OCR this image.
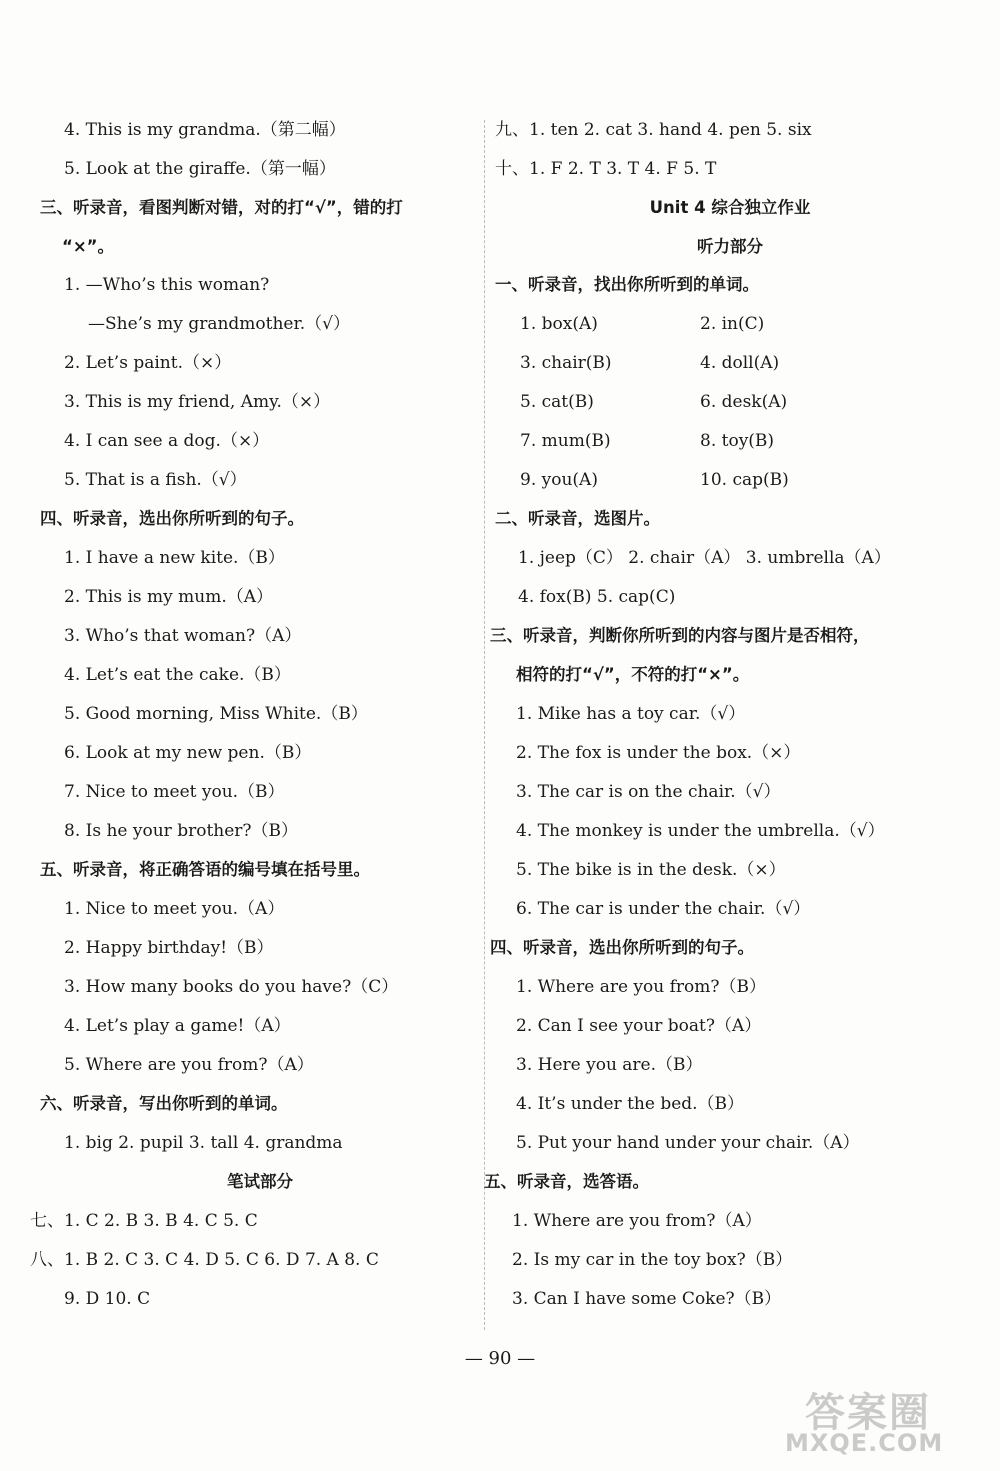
4. This is my grandma.（第二幅）
5. Look at the giraffe.（第一幅）
三、听录音，看图判断对错，对的打“√”，错的打
“×”。
1. —Who’s this woman?
—She’s my grandmother.（√）
2. Let’s paint.（×）
3. This is my friend, Amy.（×）
4. I can see a dog.（×）
5. That is a fish.（√）
四、听录音，选出你所听到的句子。
1. I have a new kite.（B）
2. This is my mum.（A）
3. Who’s that woman?（A）
4. Let’s eat the cake.（B）
5. Good morning, Miss White.（B）
6. Look at my new pen.（B）
7. Nice to meet you.（B）
8. Is he your brother?（B）
五、听录音，将正确答语的编号填在括号里。
1. Nice to meet you.（A）
2. Happy birthday!（B）
3. How many books do you have?（C）
4. Let’s play a game!（A）
5. Where are you from?（A）
六、听录音，写出你听到的单词。
1. big 2. pupil 3. tall 4. grandma
笔试部分
七、1. C 2. B 3. B 4. C 5. C
八、1. B 2. C 3. C 4. D 5. C 6. D 7. A 8. C
9. D 10. C
九、1. ten 2. cat 3. hand 4. pen 5. six
十、1. F 2. T 3. T 4. F 5. T
Unit 4 综合独立作业
听力部分
一、听录音，找出你所听到的单词。
1. box(A)	2. in(C)
3. chair(B)	4. doll(A)
5. cat(B)	6. desk(A)
7. mum(B)	8. toy(B)
9. you(A)	10. cap(B)
二、听录音，选图片。
1. jeep（C） 2. chair（A） 3. umbrella（A）
4. fox(B) 5. cap(C)
三、听录音，判断你所听到的内容与图片是否相符，
相符的打“√”，不符的打“×”。
1. Mike has a toy car.（√）
2. The fox is under the box.（×）
3. The car is on the chair.（√）
4. The monkey is under the umbrella.（√）
5. The bike is in the desk.（×）
6. The car is under the chair.（√）
四、听录音，选出你所听到的句子。
1. Where are you from?（B）
2. Can I see your boat?（A）
3. Here you are.（B）
4. It’s under the bed.（B）
5. Put your hand under your chair.（A）
五、听录音，选答语。
1. Where are you from?（A）
2. Is my car in the toy box?（B）
3. Can I have some Coke?（B）
— 90 —
答案圈
MXQE.COM
